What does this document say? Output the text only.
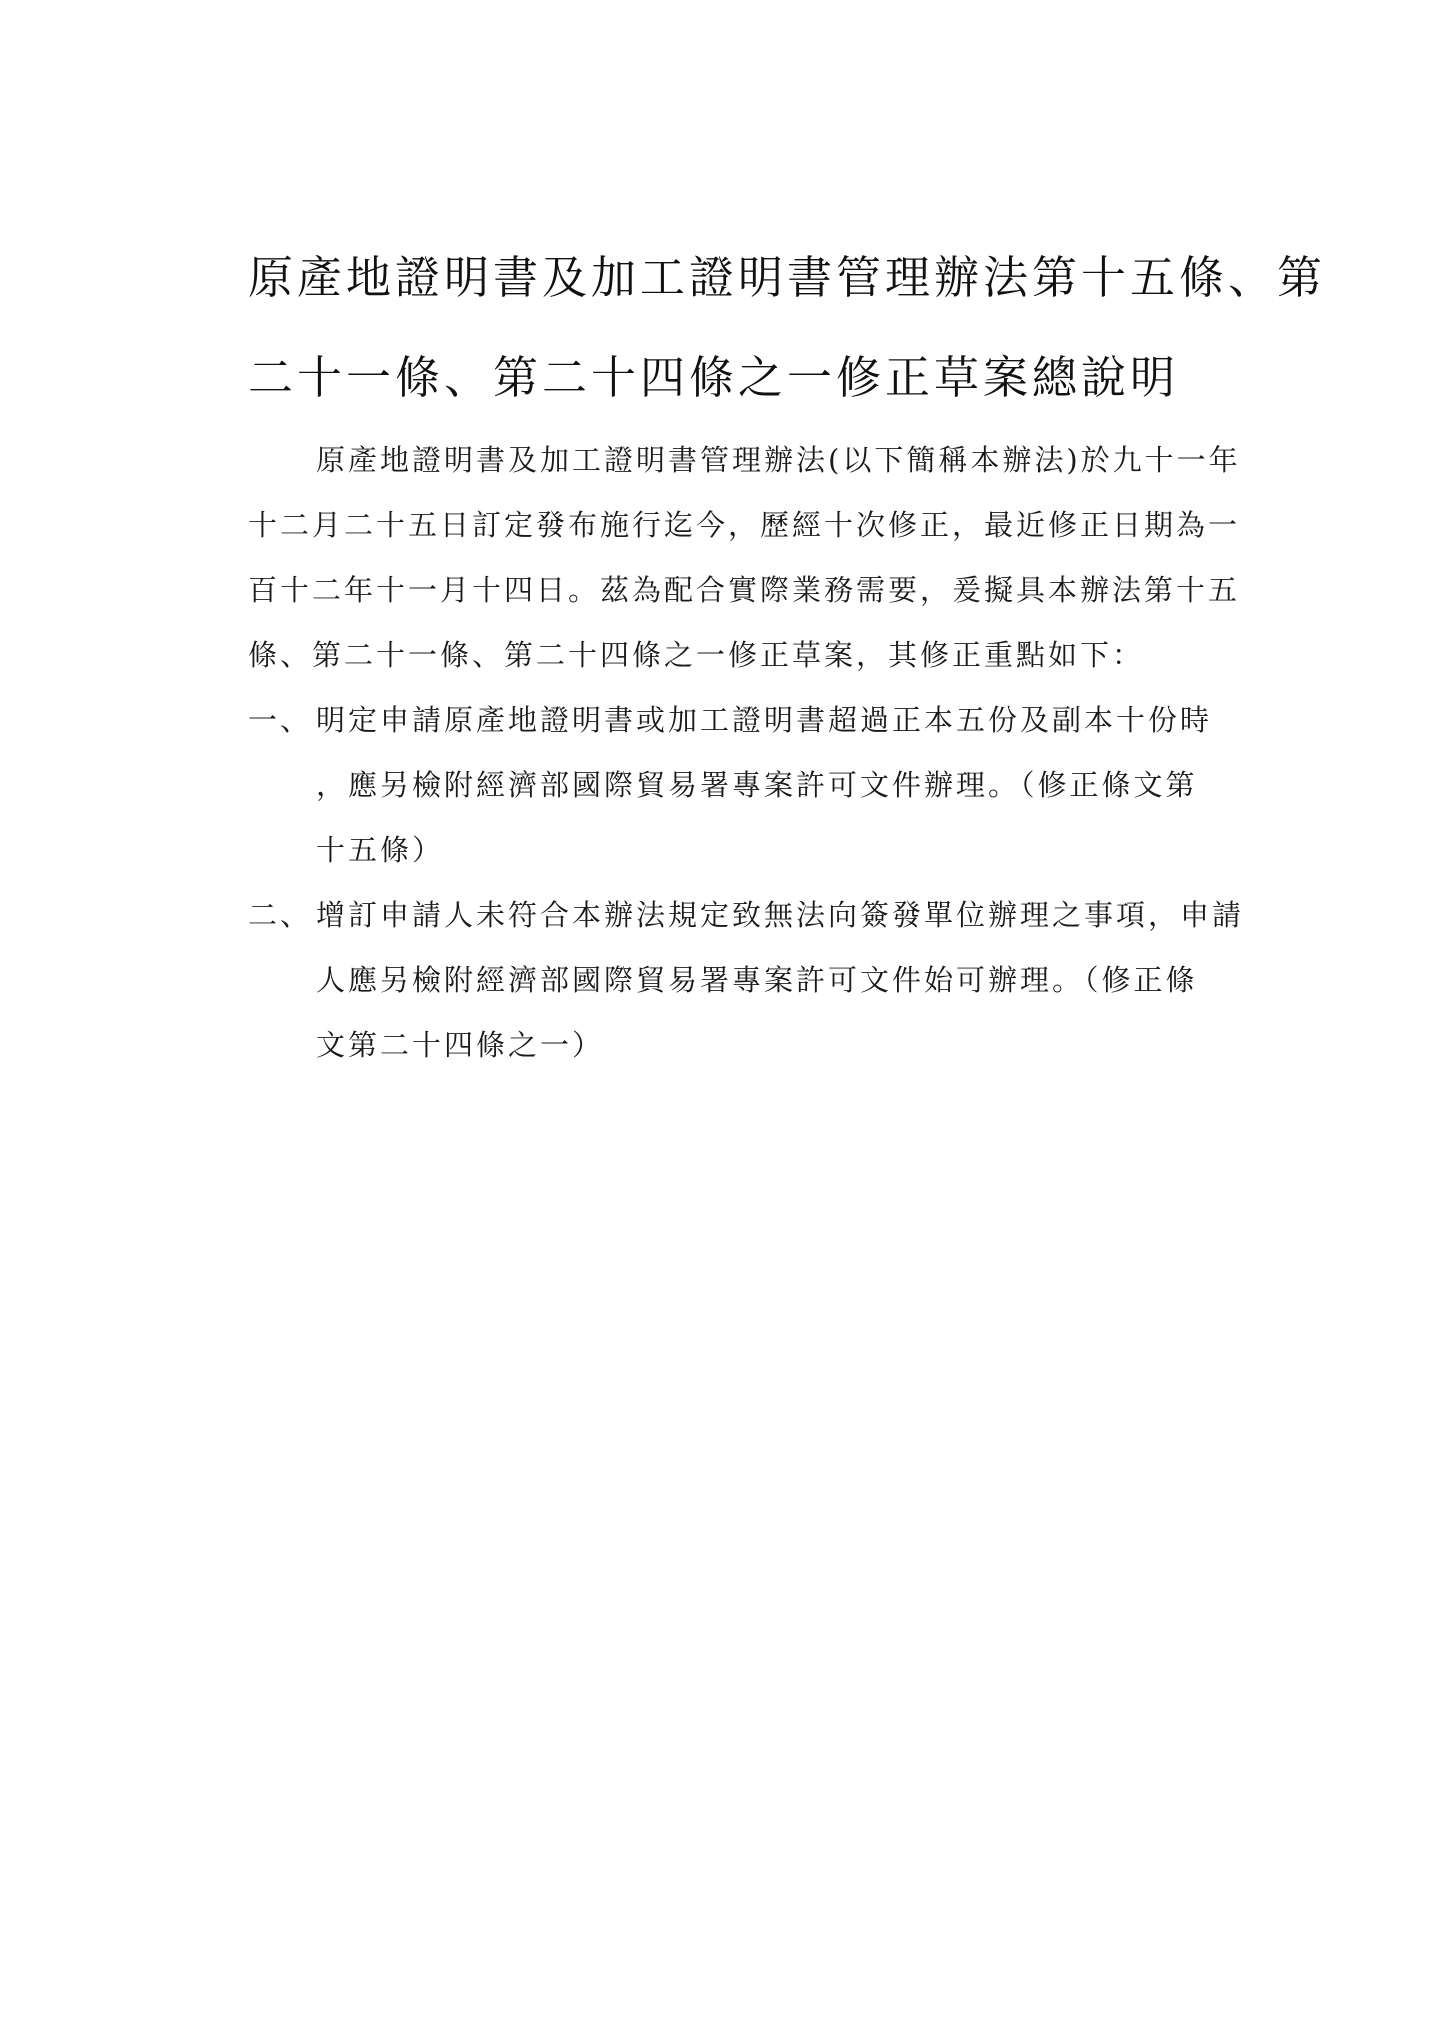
原產地證明書及加工證明書管理辦法第十五條、第
二十一條、第二十四條之一修正草案總說明

原產地證明書及加工證明書管理辦法(以下簡稱本辦法)於九十一年
十二月二十五日訂定發布施行迄今，歷經十次修正，最近修正日期為一
百十二年十一月十四日。茲為配合實際業務需要，爰擬具本辦法第十五
條、第二十一條、第二十四條之一修正草案，其修正重點如下：

一、 明定申請原產地證明書或加工證明書超過正本五份及副本十份時
，應另檢附經濟部國際貿易署專案許可文件辦理。（修正條文第
十五條）
二、 增訂申請人未符合本辦法規定致無法向簽發單位辦理之事項，申請
人應另檢附經濟部國際貿易署專案許可文件始可辦理。（修正條
文第二十四條之一）
